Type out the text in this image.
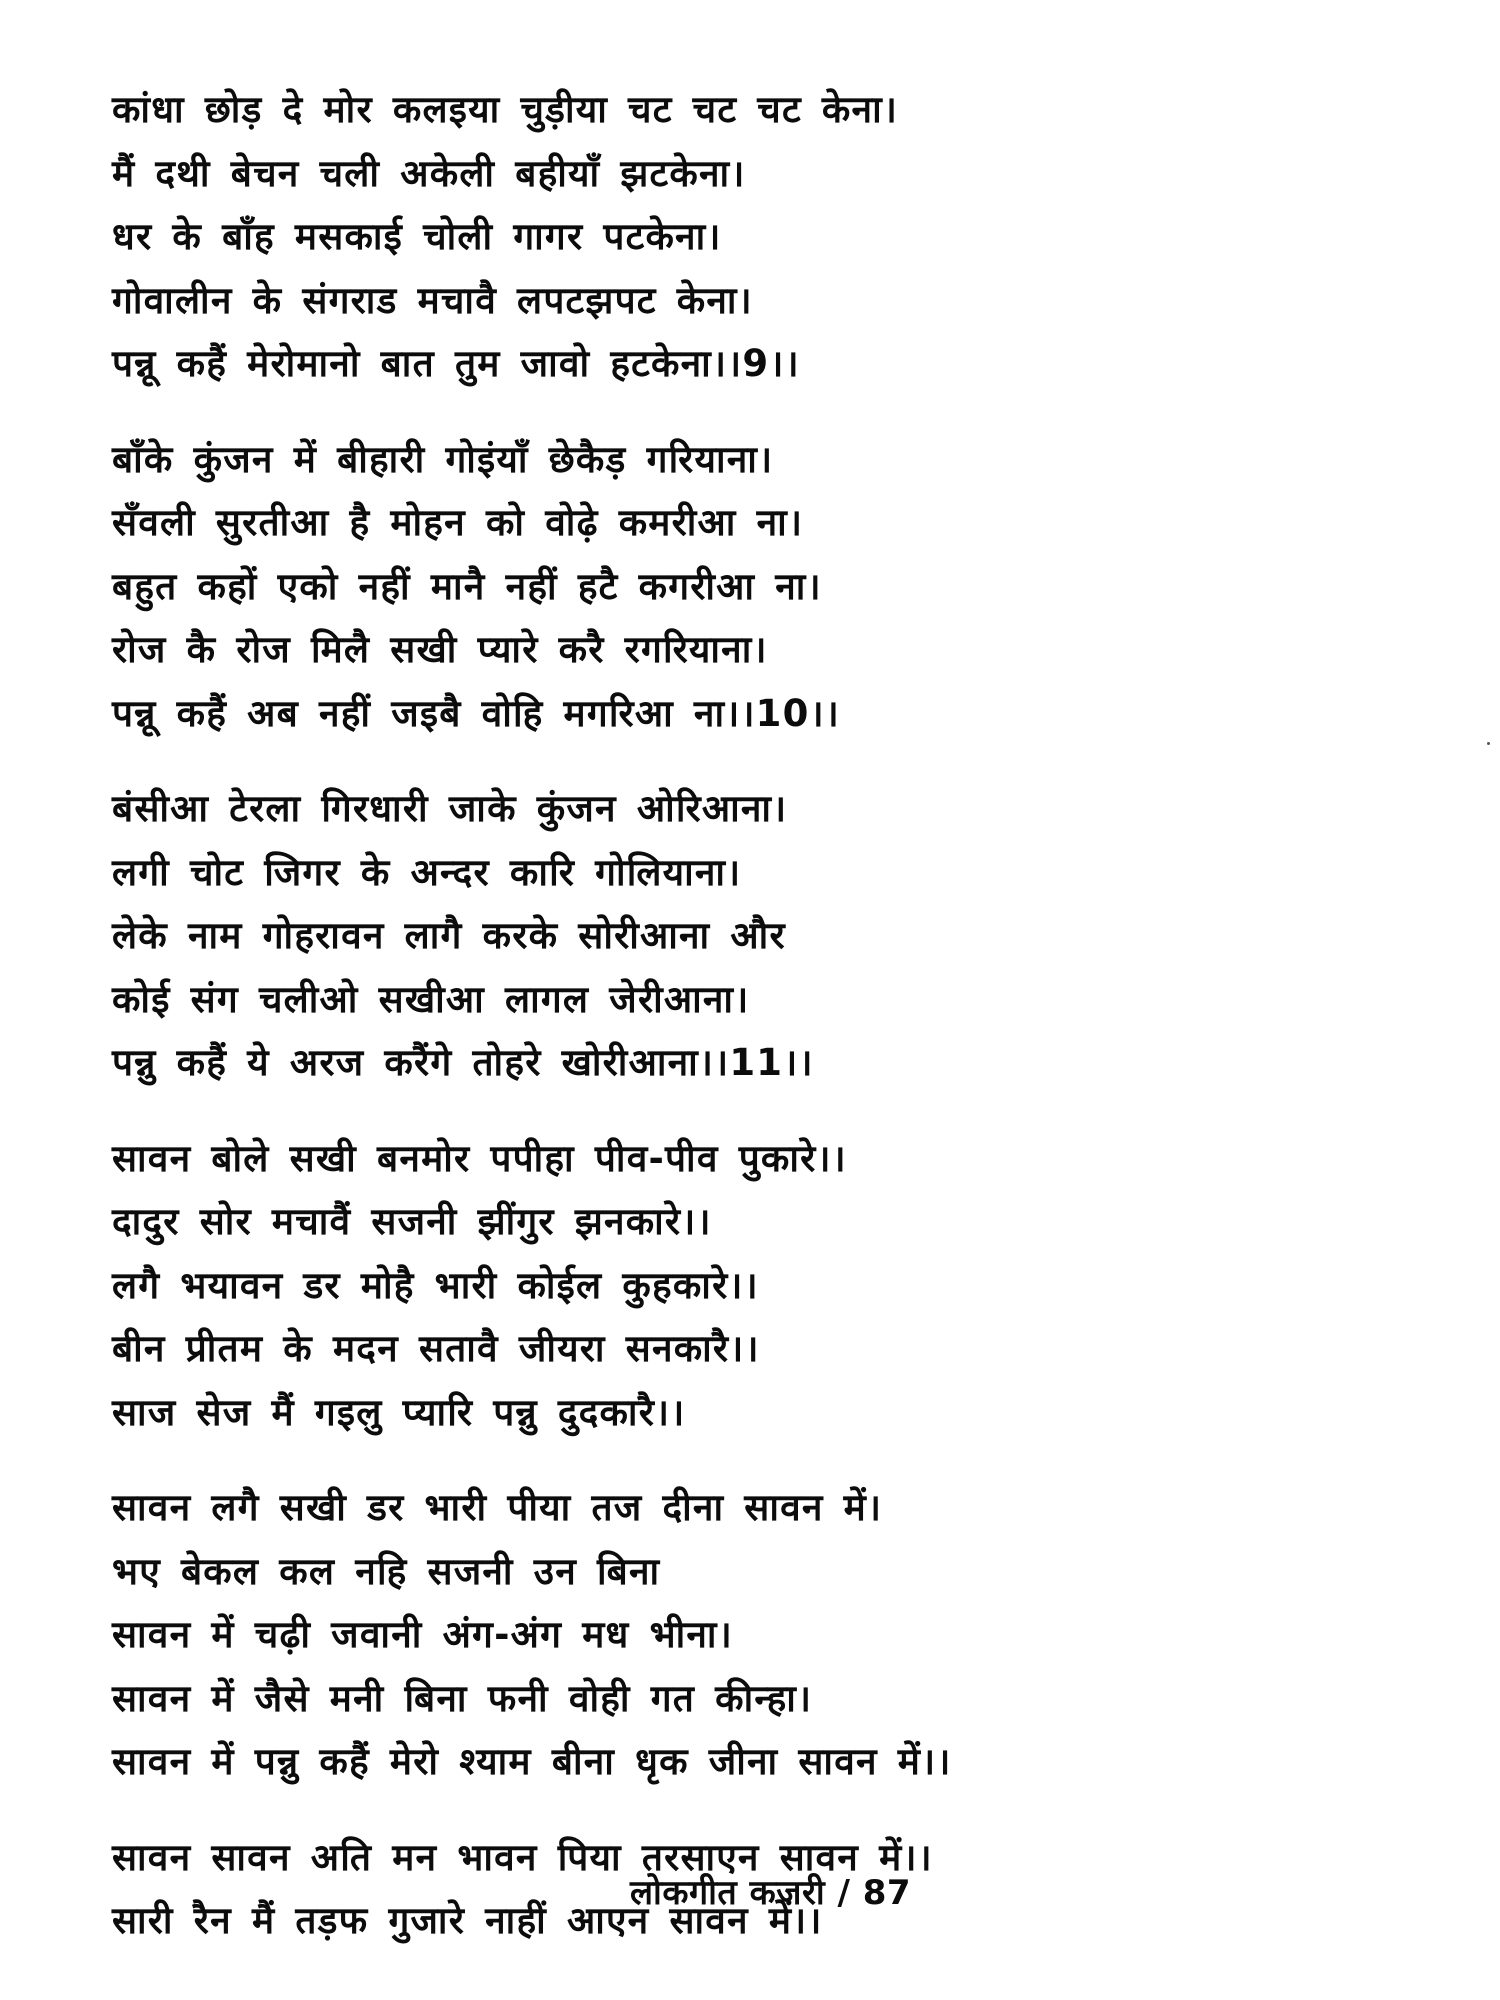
कांधा छोड़ दे मोर कलइया चुड़ीया चट चट चट केना।
मैं दथी बेचन चली अकेली बहीयाँ झटकेना।
धर के बाँह मसकाई चोली गागर पटकेना।
गोवालीन के संगराड मचावै लपटझपट केना।
पन्नू कहैं मेरोमानो बात तुम जावो हटकेना।।9।।
बाँके कुंजन में बीहारी गोइंयाँ छेकैड़ गरियाना।
सँवली सुरतीआ है मोहन को वोढ़े कमरीआ ना।
बहुत कहों एको नहीं मानै नहीं हटै कगरीआ ना।
रोज कै रोज मिलै सखी प्यारे करै रगरियाना।
पन्नू कहैं अब नहीं जइबै वोहि मगरिआ ना।।10।।
बंसीआ टेरला गिरधारी जाके कुंजन ओरिआना।
लगी चोट जिगर के अन्दर कारि गोलियाना।
लेके नाम गोहरावन लागै करके सोरीआना और
कोई संग चलीओ सखीआ लागल जेरीआना।
पन्नु कहैं ये अरज करैंगे तोहरे खोरीआना।।11।।
सावन बोले सखी बनमोर पपीहा पीव-पीव पुकारे।।
दादुर सोर मचावैं सजनी झींगुर झनकारे।।
लगै भयावन डर मोहै भारी कोईल कुहकारे।।
बीन प्रीतम के मदन सतावै जीयरा सनकारै।।
साज सेज मैं गइलु प्यारि पन्नु दुदकारै।।
सावन लगै सखी डर भारी पीया तज दीना सावन में।
भए बेकल कल नहि सजनी उन बिना
सावन में चढ़ी जवानी अंग-अंग मध भीना।
सावन में जैसे मनी बिना फनी वोही गत कीन्हा।
सावन में पन्नु कहैं मेरो श्याम बीना धृक जीना सावन में।।
सावन सावन अति मन भावन पिया तरसाएन सावन में।।
सारी रैन मैं तड़फ गुजारे नाहीं आएन सावन में।।
लोकगीत कजरी / 87
